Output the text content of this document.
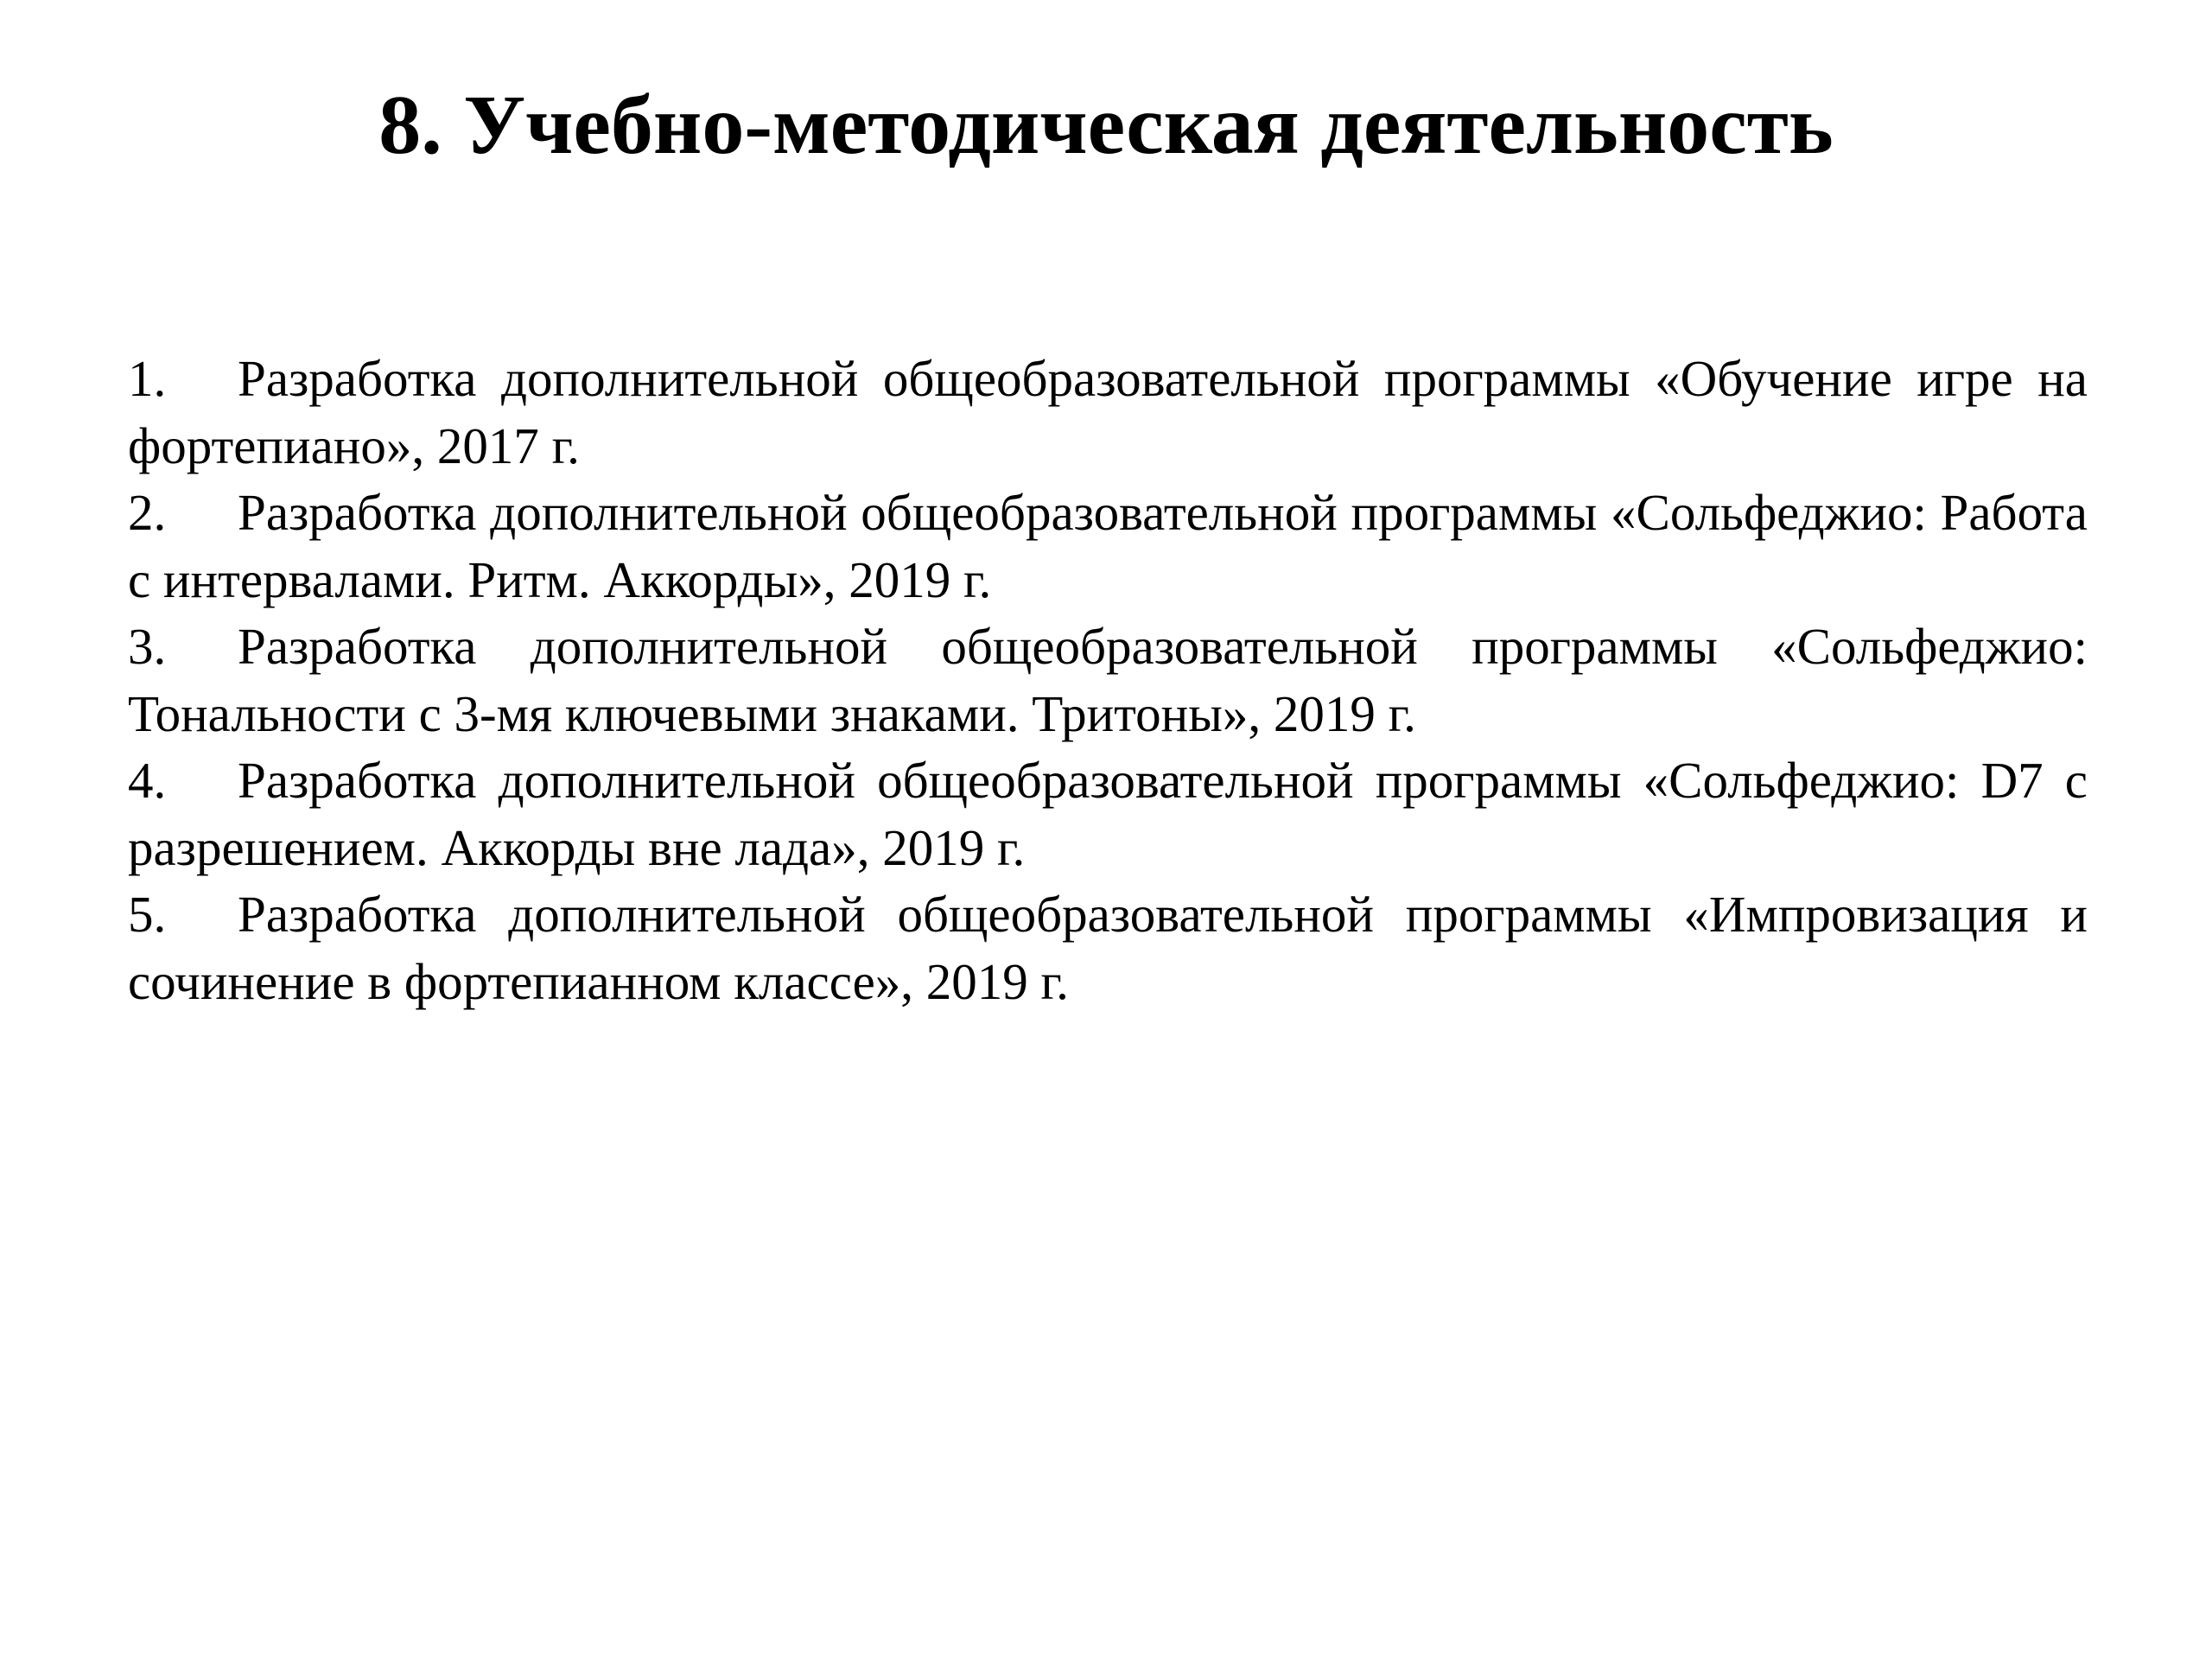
8. Учебно-методическая деятельность
1. Разработка дополнительной общеобразовательной программы «Обучение игре на фортепиано», 2017 г.
2. Разработка дополнительной общеобразовательной программы «Сольфеджио: Работа с интервалами. Ритм. Аккорды», 2019 г.
3. Разработка дополнительной общеобразовательной программы «Сольфеджио: Тональности с 3-мя ключевыми знаками. Тритоны», 2019 г.
4. Разработка дополнительной общеобразовательной программы «Сольфеджио: D7 с разрешением. Аккорды вне лада», 2019 г.
5. Разработка дополнительной общеобразовательной программы «Импровизация и сочинение в фортепианном классе», 2019 г.
